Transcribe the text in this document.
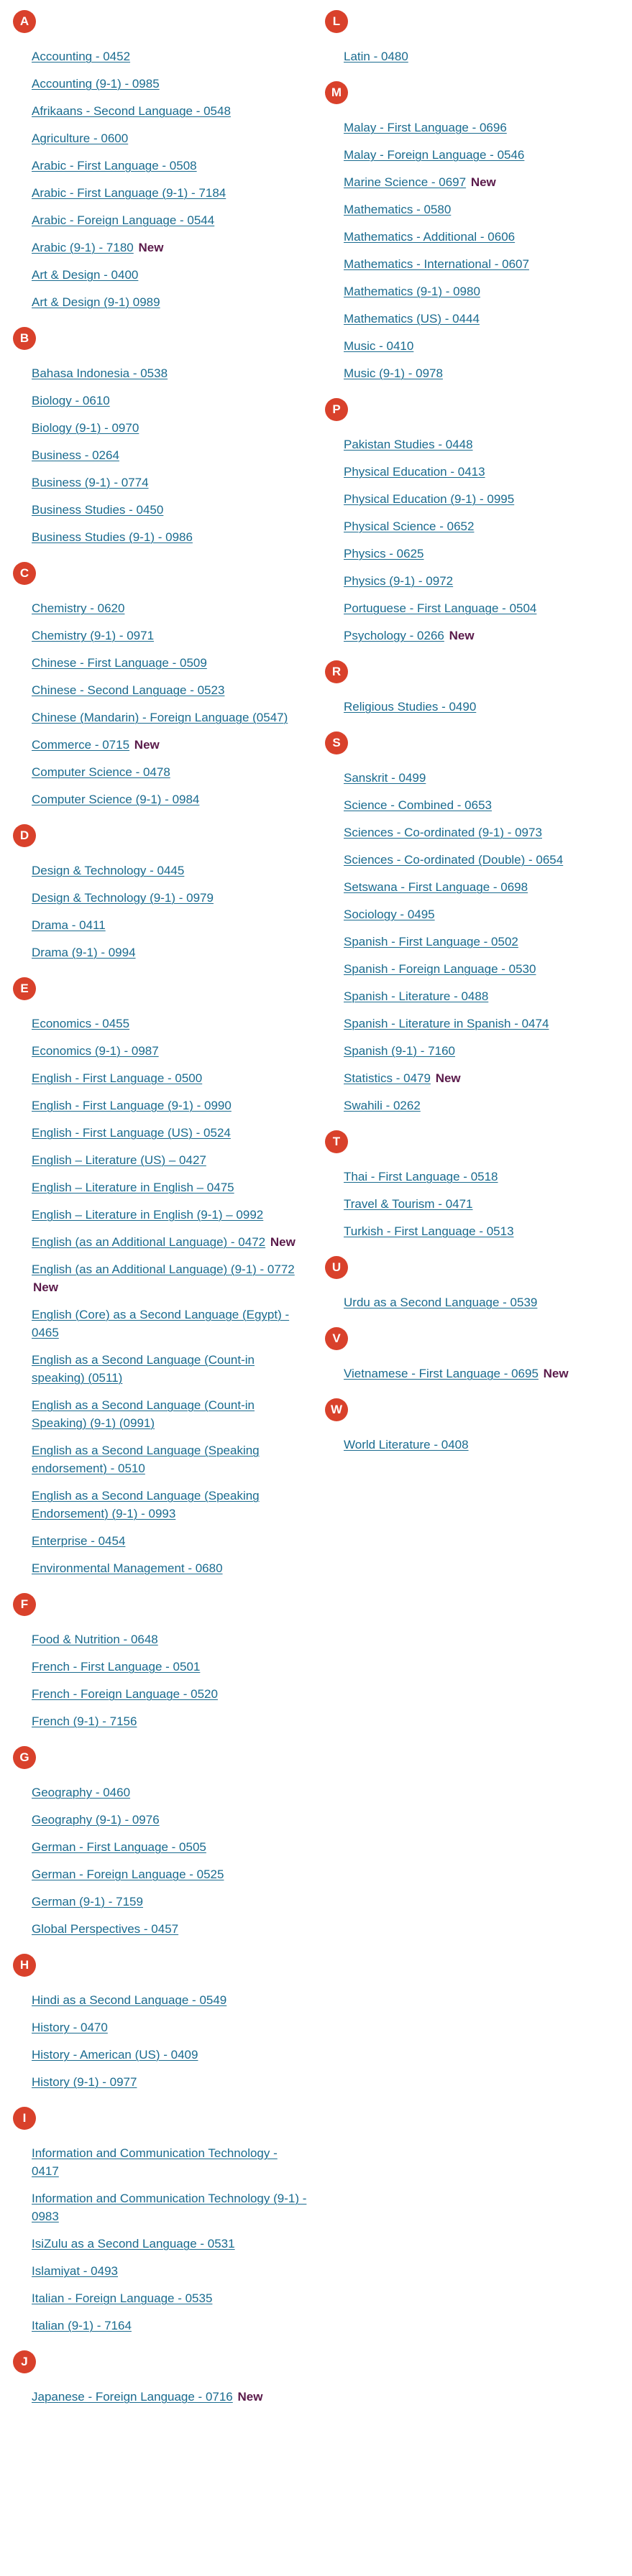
A
Accounting - 0452
Accounting (9-1) - 0985
Afrikaans - Second Language - 0548
Agriculture - 0600
Arabic - First Language - 0508
Arabic - First Language (9-1) - 7184
Arabic - Foreign Language - 0544
Arabic (9-1) - 7180 New
Art & Design - 0400
Art & Design (9-1) 0989
B
Bahasa Indonesia - 0538
Biology - 0610
Biology (9-1) - 0970
Business - 0264
Business (9-1) - 0774
Business Studies - 0450
Business Studies (9-1) - 0986
C
Chemistry - 0620
Chemistry (9-1) - 0971
Chinese - First Language - 0509
Chinese - Second Language - 0523
Chinese (Mandarin) - Foreign Language (0547)
Commerce - 0715 New
Computer Science - 0478
Computer Science (9-1) - 0984
D
Design & Technology - 0445
Design & Technology (9-1) - 0979
Drama - 0411
Drama (9-1) - 0994
E
Economics - 0455
Economics (9-1) - 0987
English - First Language - 0500
English - First Language (9-1) - 0990
English - First Language (US) - 0524
English – Literature (US) – 0427
English – Literature in English – 0475
English – Literature in English (9-1) – 0992
English (as an Additional Language) - 0472 New
English (as an Additional Language) (9-1) - 0772 New
English (Core) as a Second Language (Egypt) - 0465
English as a Second Language (Count-in speaking) (0511)
English as a Second Language (Count-in Speaking) (9-1) (0991)
English as a Second Language (Speaking endorsement) - 0510
English as a Second Language (Speaking Endorsement) (9-1) - 0993
Enterprise - 0454
Environmental Management - 0680
F
Food & Nutrition - 0648
French - First Language - 0501
French - Foreign Language - 0520
French (9-1) - 7156
G
Geography - 0460
Geography (9-1) - 0976
German - First Language - 0505
German - Foreign Language - 0525
German (9-1) - 7159
Global Perspectives - 0457
H
Hindi as a Second Language - 0549
History - 0470
History - American (US) - 0409
History (9-1) - 0977
I
Information and Communication Technology - 0417
Information and Communication Technology (9-1) - 0983
IsiZulu as a Second Language - 0531
Islamiyat - 0493
Italian - Foreign Language - 0535
Italian (9-1) - 7164
J
Japanese - Foreign Language - 0716 New
L
Latin - 0480
M
Malay - First Language - 0696
Malay - Foreign Language - 0546
Marine Science - 0697 New
Mathematics - 0580
Mathematics - Additional - 0606
Mathematics - International - 0607
Mathematics (9-1) - 0980
Mathematics (US) - 0444
Music - 0410
Music (9-1) - 0978
P
Pakistan Studies - 0448
Physical Education - 0413
Physical Education (9-1) - 0995
Physical Science - 0652
Physics - 0625
Physics (9-1) - 0972
Portuguese - First Language - 0504
Psychology - 0266 New
R
Religious Studies - 0490
S
Sanskrit - 0499
Science - Combined - 0653
Sciences - Co-ordinated (9-1) - 0973
Sciences - Co-ordinated (Double) - 0654
Setswana - First Language - 0698
Sociology - 0495
Spanish - First Language - 0502
Spanish - Foreign Language - 0530
Spanish - Literature - 0488
Spanish - Literature in Spanish - 0474
Spanish (9-1) - 7160
Statistics - 0479 New
Swahili - 0262
T
Thai - First Language - 0518
Travel & Tourism - 0471
Turkish - First Language - 0513
U
Urdu as a Second Language - 0539
V
Vietnamese - First Language - 0695 New
W
World Literature - 0408
